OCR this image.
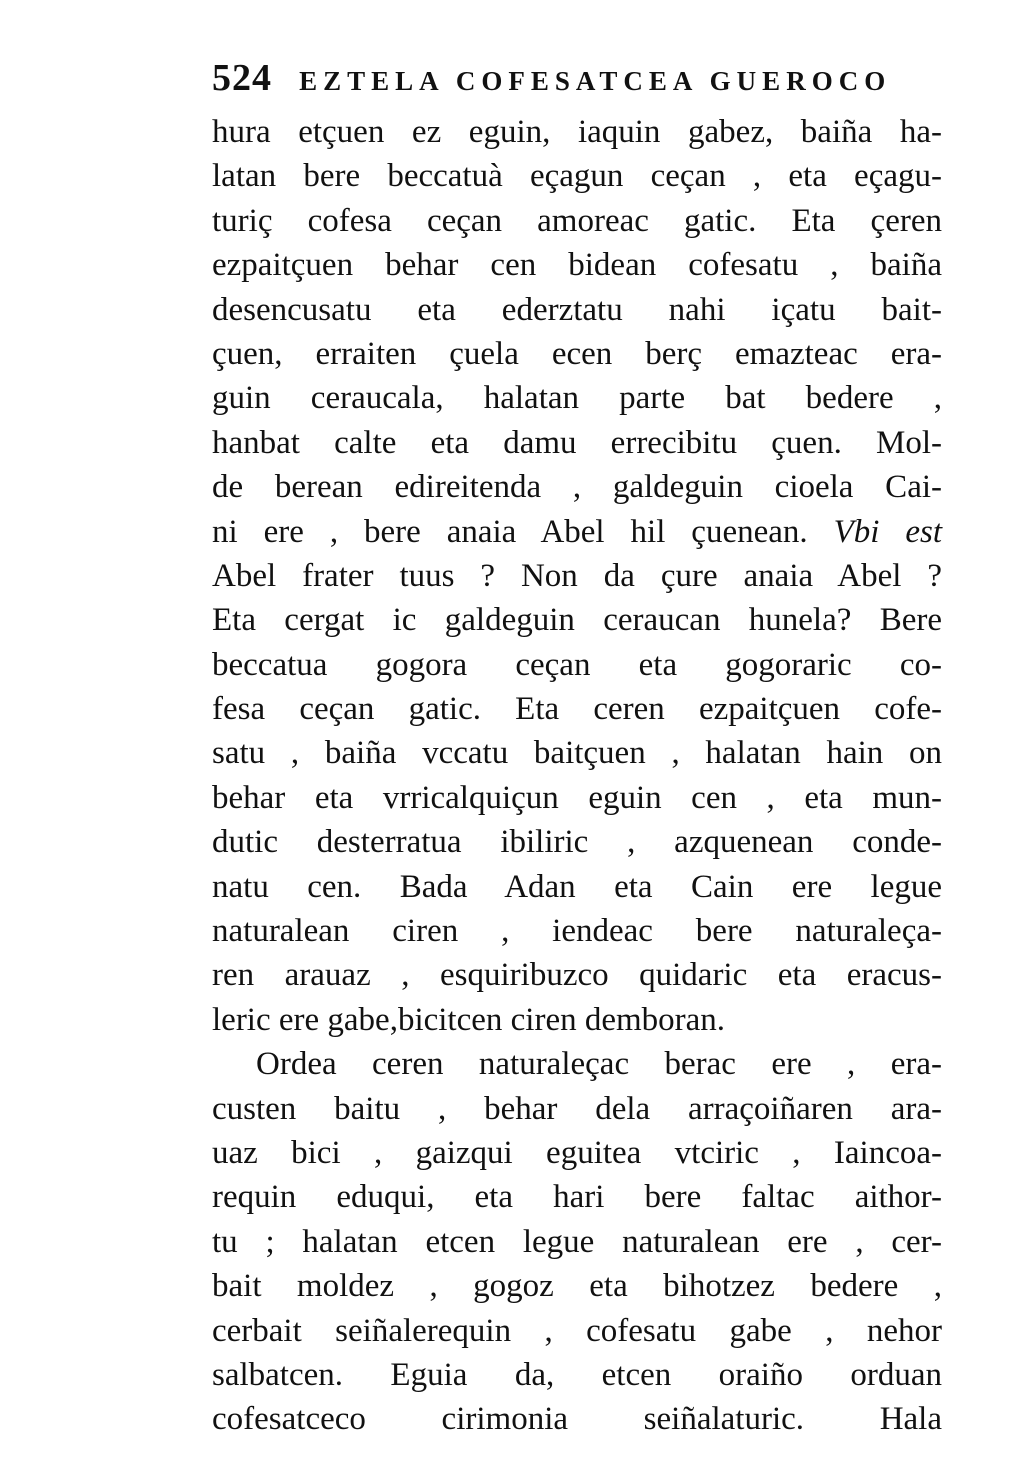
524 EZTELA COFESATCEA GUEROCO
hura etçuen ez eguin, iaquin gabez, baiña ha-
latan bere beccatuà eçagun ceçan , eta eçagu-
turiç cofesa ceçan amoreac gatic. Eta çeren
ezpaitçuen behar cen bidean cofesatu , baiña
desencusatu eta ederztatu nahi içatu bait-
çuen, erraiten çuela ecen berç emazteac era-
guin ceraucala, halatan parte bat bedere ,
hanbat calte eta damu errecibitu çuen. Mol-
de berean edireitenda , galdeguin cioela Cai-
ni ere , bere anaia Abel hil çuenean. Vbi est
Abel frater tuus ? Non da çure anaia Abel ?
Eta cergat ic galdeguin ceraucan hunela? Bere
beccatua gogora ceçan eta gogoraric co-
fesa ceçan gatic. Eta ceren ezpaitçuen cofe-
satu , baiña vccatu baitçuen , halatan hain on
behar eta vrricalquiçun eguin cen , eta mun-
dutic desterratua ibiliric , azquenean conde-
natu cen. Bada Adan eta Cain ere legue
naturalean ciren , iendeac bere naturaleça-
ren arauaz , esquiribuzco quidaric eta eracus-
leric ere gabe,bicitcen ciren demboran.
Ordea ceren naturaleçac berac ere , era-
custen baitu , behar dela arraçoiñaren ara-
uaz bici , gaizqui eguitea vtciric , Iaincoa-
requin eduqui, eta hari bere faltac aithor-
tu ; halatan etcen legue naturalean ere , cer-
bait moldez , gogoz eta bihotzez bedere ,
cerbait seiñalerequin , cofesatu gabe , nehor
salbatcen. Eguia da, etcen oraiño orduan
cofesatceco cirimonia seiñalaturic. Hala
